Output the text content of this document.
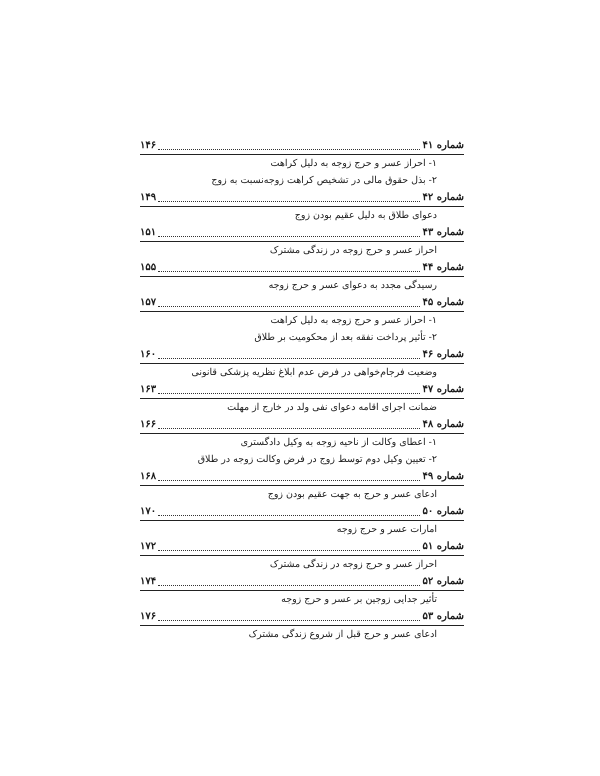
شماره ۴۱
۱۴۶
۱- احراز عسر و حرج زوجه به دلیل کراهت
۲- بذل حقوق مالی در تشخیص کراهت زوجه‌نسبت به زوج
شماره ۴۲
۱۴۹
دعوای طلاق به دلیل عقیم بودن زوج
شماره ۴۳
۱۵۱
احراز عسر و حرج زوجه در زندگی مشترک
شماره ۴۴
۱۵۵
رسیدگی مجدد به دعوای عسر و حرج زوجه
شماره ۴۵
۱۵۷
۱- احراز عسر و حرج زوجه به دلیل کراهت
۲- تأثیر پرداخت نفقه بعد از محکومیت بر طلاق
شماره ۴۶
۱۶۰
وضعیت فرجام‌خواهی در فرض عدم ابلاغ نظریه پزشکی قانونی
شماره ۴۷
۱۶۳
ضمانت اجرای اقامه دعوای نفی ولد در خارج از مهلت
شماره ۴۸
۱۶۶
۱- اعطای وکالت از ناحیه زوجه به وکیل دادگستری
۲- تعیین وکیل دوم توسط زوج در فرض وکالت زوجه در طلاق
شماره ۴۹
۱۶۸
ادعای عسر و حرج به جهت عقیم بودن زوج
شماره ۵۰
۱۷۰
امارات عسر و حرج زوجه
شماره ۵۱
۱۷۲
احراز عسر و حرج زوجه در زندگی مشترک
شماره ۵۲
۱۷۴
تأثیر جدایی زوجین بر عسر و حرج زوجه
شماره ۵۳
۱۷۶
ادعای عسر و حرج قبل از شروع زندگی مشترک
